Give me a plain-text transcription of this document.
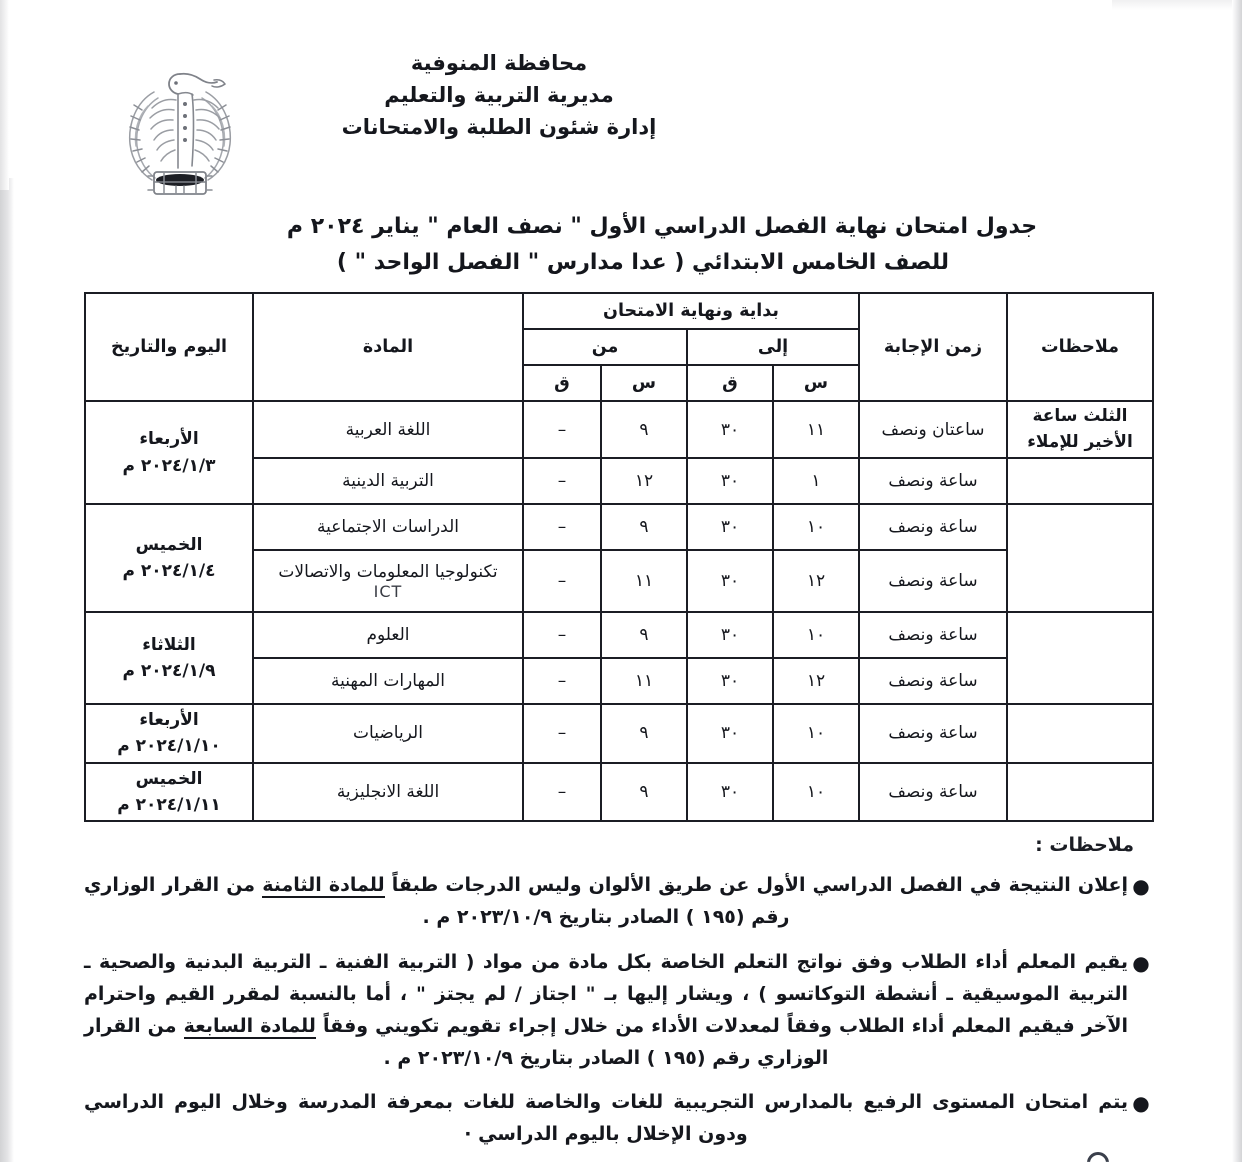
محافظة المنوفية
مديرية التربية والتعليم
إدارة شئون الطلبة والامتحانات
جدول امتحان نهاية الفصل الدراسي الأول " نصف العام " يناير ٢٠٢٤ م
للصف الخامس الابتدائي ( عدا مدارس " الفصل الواحد " )
ملاحظات	زمن الإجابة	بداية ونهاية الامتحان				المادة	اليوم والتاريخ
		إلى		من			
		س	ق	س	ق		
الثلث ساعة الأخير للإملاء	ساعتان ونصف	١١	٣٠	٩	–	اللغة العربية	الأربعاء
٢٠٢٤/١/٣ م

	ساعة ونصف	١	٣٠	١٢	–	التربية الدينية	
	ساعة ونصف	١٠	٣٠	٩	–	الدراسات الاجتماعية	الخميس
٢٠٢٤/١/٤ م

	ساعة ونصف	١٢	٣٠	١١	–	تكنولوجيا المعلومات والاتصالات
ICT	

	ساعة ونصف	١٠	٣٠	٩	–	العلوم	الثلاثاء
٢٠٢٤/١/٩ م

	ساعة ونصف	١٢	٣٠	١١	–	المهارات المهنية	
	ساعة ونصف	١٠	٣٠	٩	–	الرياضيات	الأربعاء
٢٠٢٤/١/١٠ م

	ساعة ونصف	١٠	٣٠	٩	–	اللغة الانجليزية	الخميس
٢٠٢٤/١/١١ م
ملاحظات :
●
إعلان النتيجة في الفصل الدراسي الأول عن طريق الألوان وليس الدرجات طبقاً للمادة الثامنة من القرار الوزاري رقم (١٩٥ ) الصادر بتاريخ ٢٠٢٣/١٠/٩ م .
●
يقيم المعلم أداء الطلاب وفق نواتج التعلم الخاصة بكل مادة من مواد ( التربية الفنية ـ التربية البدنية والصحية ـ التربية الموسيقية ـ أنشطة التوكاتسو ) ، ويشار إليها بـ " اجتاز / لم يجتز " ، أما بالنسبة لمقرر القيم واحترام الآخر فيقيم المعلم أداء الطلاب وفقاً لمعدلات الأداء من خلال إجراء تقويم تكويني وفقاً للمادة السابعة من القرار الوزاري رقم (١٩٥ ) الصادر بتاريخ ٢٠٢٣/١٠/٩ م .
●
يتم امتحان المستوى الرفيع بالمدارس التجريبية للغات والخاصة للغات بمعرفة المدرسة وخلال اليوم الدراسي ودون الإخلال باليوم الدراسي ·
